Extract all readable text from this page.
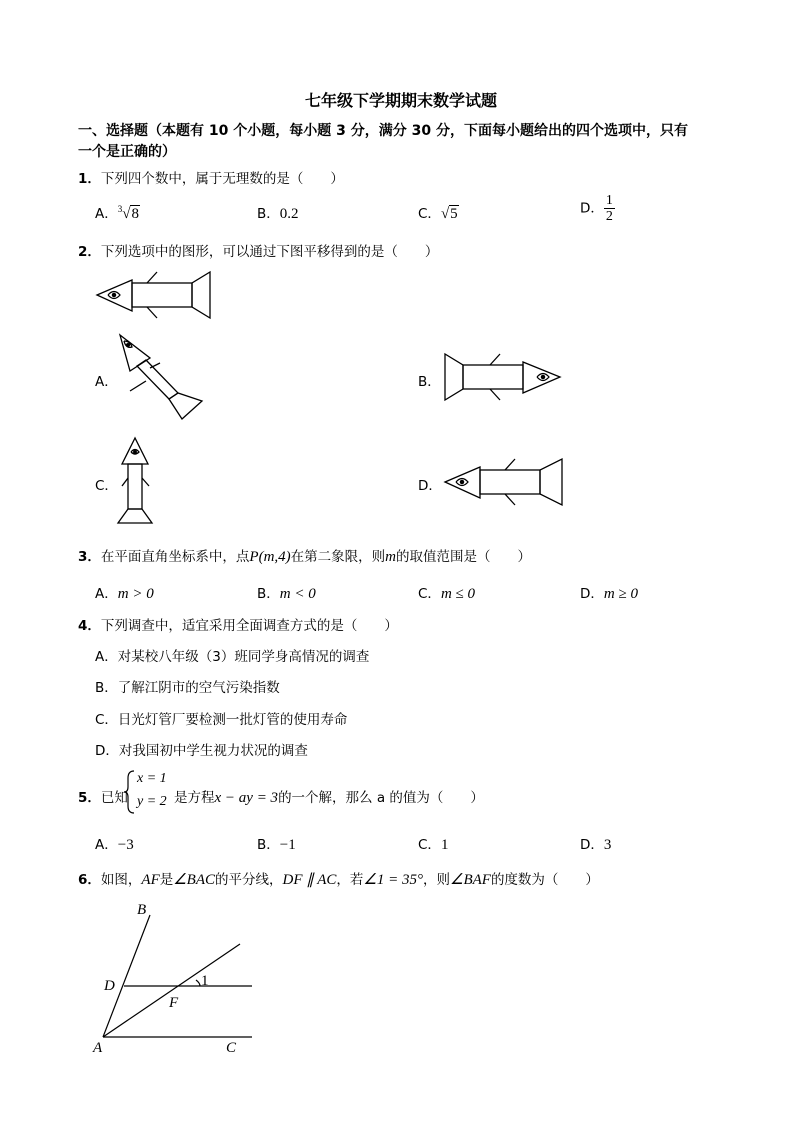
七年级下学期期末数学试题
一、选择题（本题有 10 个小题，每小题 3 分，满分 30 分，下面每小题给出的四个选项中，只有
一个是正确的）
1．下列四个数中，属于无理数的是（　　）
A．$^3$√8	B．0.2	C．√5	D． $\frac{1}{2}$
2．下列选项中的图形，可以通过下图平移得到的是（　　）
A．	B．
C．	D．
3．在平面直角坐标系中，点P(m,4)在第二象限，则m的取值范围是（　　）
A．m > 0	B．m < 0	C．m ≤ 0	D．m ≥ 0
4．下列调查中，适宜采用全面调查方式的是（　　）
A．对某校八年级（3）班同学身高情况的调查
B．了解江阴市的空气污染指数
C．日光灯管厂要检测一批灯管的使用寿命
D．对我国初中学生视力状况的调查
5．已知
x = 1
y = 2 是方程x − ay = 3的一个解，那么 a 的值为（　　）
A．−3	B．−1	C．1	D．3
6．如图，AF是∠BAC的平分线，DF ∥ AC，若∠1 = 35°，则∠BAF的度数为（　　）
B
D	1
F
A	C
